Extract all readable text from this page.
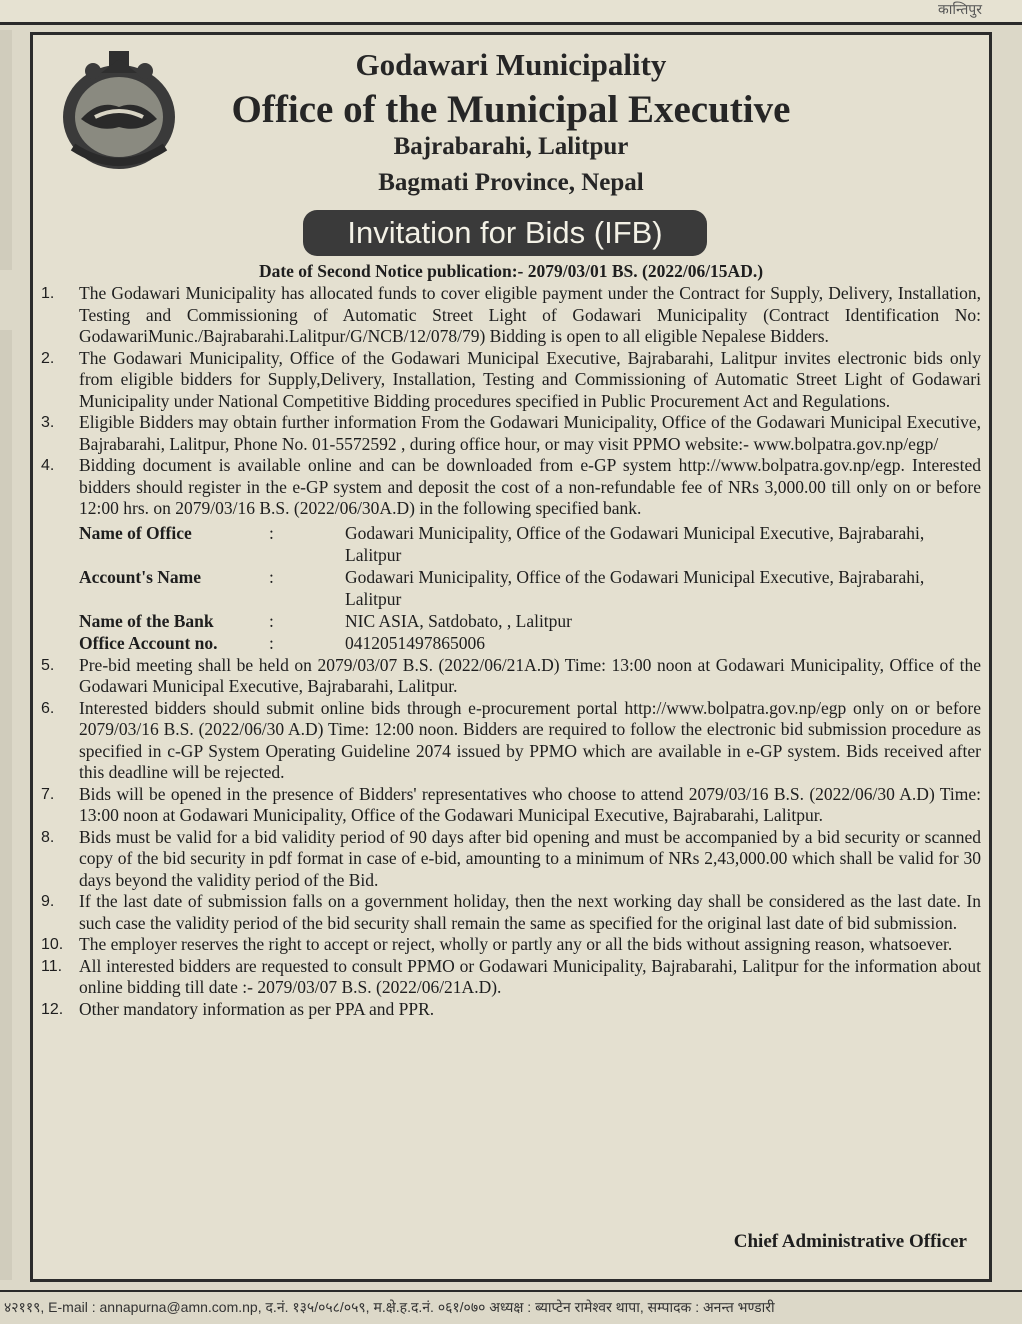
कान्तिपुर
Godawari Municipality
Office of the Municipal Executive
Bajrabarahi, Lalitpur
Bagmati Province, Nepal
Invitation for Bids (IFB)
Date of Second Notice publication:- 2079/03/01 BS. (2022/06/15AD.)
1.	The Godawari Municipality has allocated funds to cover eligible payment under the Contract for Supply, Delivery, Installation, Testing and Commissioning of Automatic Street Light of Godawari Municipality (Contract Identification No: GodawariMunic./Bajrabarahi.Lalitpur/G/NCB/12/078/79) Bidding is open to all eligible Nepalese Bidders.
2.	The Godawari Municipality, Office of the Godawari Municipal Executive, Bajrabarahi, Lalitpur invites electronic bids only from eligible bidders for Supply,Delivery, Installation, Testing and Commissioning of Automatic Street Light of Godawari Municipality under National Competitive Bidding procedures specified in Public Procurement Act and Regulations.
3.	Eligible Bidders may obtain further information From the Godawari Municipality, Office of the Godawari Municipal Executive, Bajrabarahi, Lalitpur, Phone No. 01-5572592 , during office hour, or may visit PPMO website:- www.bolpatra.gov.np/egp/
4.	Bidding document is available online and can be downloaded from e-GP system http://www.bolpatra.gov.np/egp. Interested bidders should register in the e-GP system and deposit the cost of a non-refundable fee of NRs 3,000.00 till only on or before 12:00 hrs. on 2079/03/16 B.S. (2022/06/30A.D) in the following specified bank.
Name of Office	:	Godawari Municipality, Office of the Godawari Municipal Executive, Bajrabarahi, Lalitpur
Account's Name	:	Godawari Municipality, Office of the Godawari Municipal Executive, Bajrabarahi, Lalitpur
Name of the Bank	:	NIC ASIA, Satdobato, , Lalitpur
Office Account no.	:	0412051497865006
5.	Pre-bid meeting shall be held on 2079/03/07 B.S. (2022/06/21A.D) Time: 13:00 noon at Godawari Municipality, Office of the Godawari Municipal Executive, Bajrabarahi, Lalitpur.
6.	Interested bidders should submit online bids through e-procurement portal http://www.bolpatra.gov.np/egp only on or before 2079/03/16 B.S. (2022/06/30 A.D) Time: 12:00 noon. Bidders are required to follow the electronic bid submission procedure as specified in c-GP System Operating Guideline 2074 issued by PPMO which are available in e-GP system. Bids received after this deadline will be rejected.
7.	Bids will be opened in the presence of Bidders' representatives who choose to attend 2079/03/16 B.S. (2022/06/30 A.D) Time: 13:00 noon at Godawari Municipality, Office of the Godawari Municipal Executive, Bajrabarahi, Lalitpur.
8.	Bids must be valid for a bid validity period of 90 days after bid opening and must be accompanied by a bid security or scanned copy of the bid security in pdf format in case of e-bid, amounting to a minimum of NRs 2,43,000.00 which shall be valid for 30 days beyond the validity period of the Bid.
9.	If the last date of submission falls on a government holiday, then the next working day shall be considered as the last date. In such case the validity period of the bid security shall remain the same as specified for the original last date of bid submission.
10. The employer reserves the right to accept or reject, wholly or partly any or all the bids without assigning reason, whatsoever.
11. All interested bidders are requested to consult PPMO or Godawari Municipality, Bajrabarahi, Lalitpur for the information about online bidding till date :- 2079/03/07 B.S. (2022/06/21A.D).
12. Other mandatory information as per PPA and PPR.
Chief Administrative Officer
४२११९, E-mail : annapurna@amn.com.np, द.नं. १३५/०५८/०५९, म.क्षे.ह.द.नं. ०६१/०७० अध्यक्ष : ब्याप्टेन रामेश्वर थापा, सम्पादक : अनन्त भण्डारी
